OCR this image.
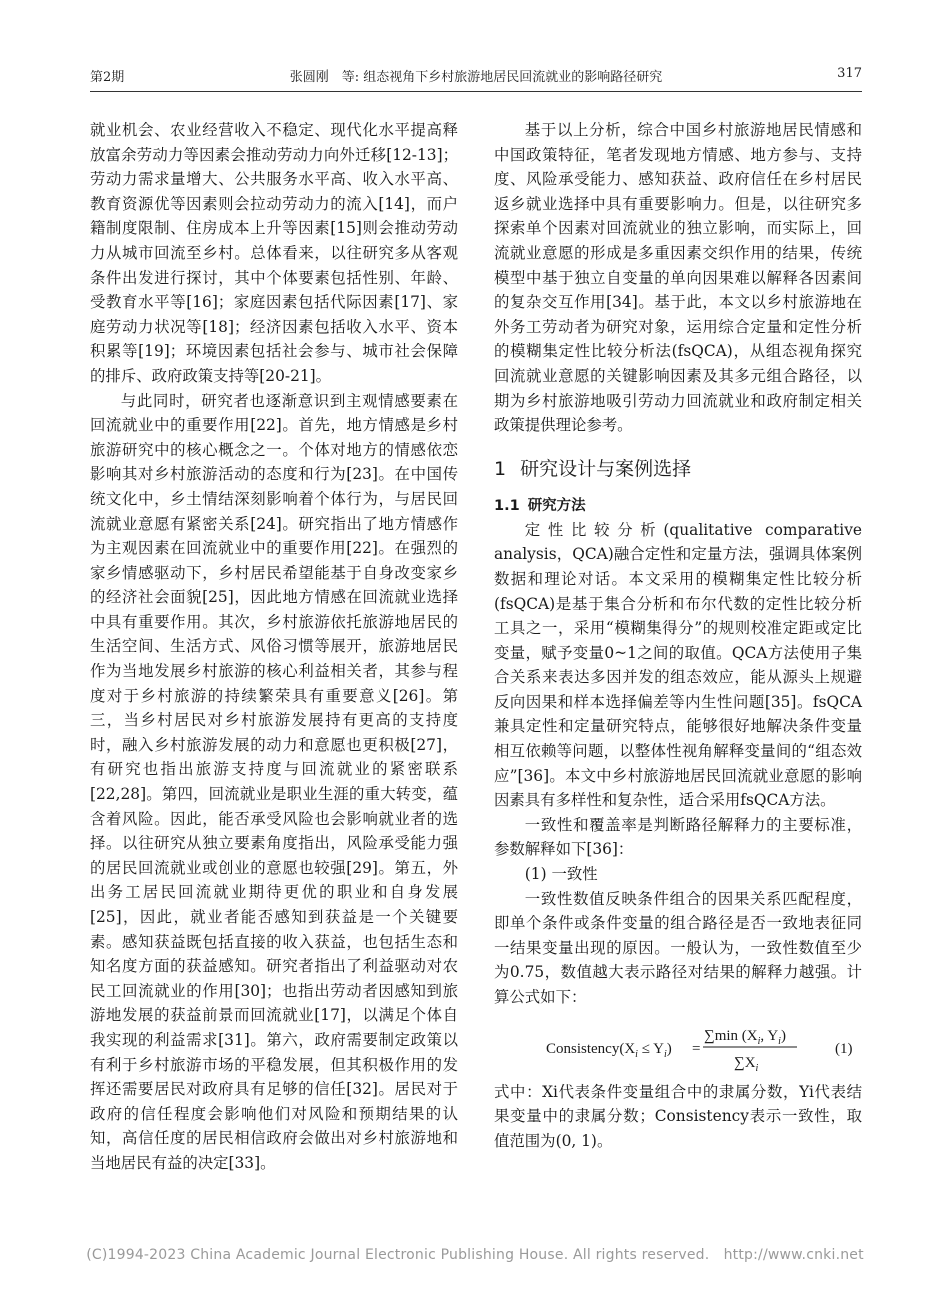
第2期	张圆刚　等: 组态视角下乡村旅游地居民回流就业的影响路径研究	317

就业机会、农业经营收入不稳定、现代化水平提高释放富余劳动力等因素会推动劳动力向外迁移[12-13]；劳动力需求量增大、公共服务水平高、收入水平高、教育资源优等因素则会拉动劳动力的流入[14]，而户籍制度限制、住房成本上升等因素[15]则会推动劳动力从城市回流至乡村。总体看来，以往研究多从客观条件出发进行探讨，其中个体要素包括性别、年龄、受教育水平等[16]；家庭因素包括代际因素[17]、家庭劳动力状况等[18]；经济因素包括收入水平、资本积累等[19]；环境因素包括社会参与、城市社会保障的排斥、政府政策支持等[20-21]。

与此同时，研究者也逐渐意识到主观情感要素在回流就业中的重要作用[22]。首先，地方情感是乡村旅游研究中的核心概念之一。个体对地方的情感依恋影响其对乡村旅游活动的态度和行为[23]。在中国传统文化中，乡土情结深刻影响着个体行为，与居民回流就业意愿有紧密关系[24]。研究指出了地方情感作为主观因素在回流就业中的重要作用[22]。在强烈的家乡情感驱动下，乡村居民希望能基于自身改变家乡的经济社会面貌[25]，因此地方情感在回流就业选择中具有重要作用。其次，乡村旅游依托旅游地居民的生活空间、生活方式、风俗习惯等展开，旅游地居民作为当地发展乡村旅游的核心利益相关者，其参与程度对于乡村旅游的持续繁荣具有重要意义[26]。第三，当乡村居民对乡村旅游发展持有更高的支持度时，融入乡村旅游发展的动力和意愿也更积极[27]，有研究也指出旅游支持度与回流就业的紧密联系[22,28]。第四，回流就业是职业生涯的重大转变，蕴含着风险。因此，能否承受风险也会影响就业者的选择。以往研究从独立要素角度指出，风险承受能力强的居民回流就业或创业的意愿也较强[29]。第五，外出务工居民回流就业期待更优的职业和自身发展[25]，因此，就业者能否感知到获益是一个关键要素。感知获益既包括直接的收入获益，也包括生态和知名度方面的获益感知。研究者指出了利益驱动对农民工回流就业的作用[30]；也指出劳动者因感知到旅游地发展的获益前景而回流就业[17]，以满足个体自我实现的利益需求[31]。第六，政府需要制定政策以有利于乡村旅游市场的平稳发展，但其积极作用的发挥还需要居民对政府具有足够的信任[32]。居民对于政府的信任程度会影响他们对风险和预期结果的认知，高信任度的居民相信政府会做出对乡村旅游地和当地居民有益的决定[33]。

基于以上分析，综合中国乡村旅游地居民情感和中国政策特征，笔者发现地方情感、地方参与、支持度、风险承受能力、感知获益、政府信任在乡村居民返乡就业选择中具有重要影响力。但是，以往研究多探索单个因素对回流就业的独立影响，而实际上，回流就业意愿的形成是多重因素交织作用的结果，传统模型中基于独立自变量的单向因果难以解释各因素间的复杂交互作用[34]。基于此，本文以乡村旅游地在外务工劳动者为研究对象，运用综合定量和定性分析的模糊集定性比较分析法(fsQCA)，从组态视角探究回流就业意愿的关键影响因素及其多元组合路径，以期为乡村旅游地吸引劳动力回流就业和政府制定相关政策提供理论参考。

1 研究设计与案例选择
1.1 研究方法

定性比较分析(qualitative comparative analysis，QCA)融合定性和定量方法，强调具体案例数据和理论对话。本文采用的模糊集定性比较分析(fsQCA)是基于集合分析和布尔代数的定性比较分析工具之一，采用“模糊集得分”的规则校准定距或定比变量，赋予变量0~1之间的取值。QCA方法使用子集合关系来表达多因并发的组态效应，能从源头上规避反向因果和样本选择偏差等内生性问题[35]。fsQCA兼具定性和定量研究特点，能够很好地解决条件变量相互依赖等问题，以整体性视角解释变量间的“组态效应”[36]。本文中乡村旅游地居民回流就业意愿的影响因素具有多样性和复杂性，适合采用fsQCA方法。

一致性和覆盖率是判断路径解释力的主要标准，参数解释如下[36]：

(1) 一致性

一致性数值反映条件组合的因果关系匹配程度，即单个条件或条件变量的组合路径是否一致地表征同一结果变量出现的原因。一般认为，一致性数值至少为0.75，数值越大表示路径对结果的解释力越强。计算公式如下：

$Consistency(X_i \le Y_i)$ =
∑min ($X_i$, $Y_i$)
$\sum X_i$
(1)

式中：Xi代表条件变量组合中的隶属分数，Yi代表结果变量中的隶属分数；Consistency表示一致性，取值范围为(0, 1)。

(C)1994-2023 China Academic Journal Electronic Publishing House. All rights reserved.　http://www.cnki.net
